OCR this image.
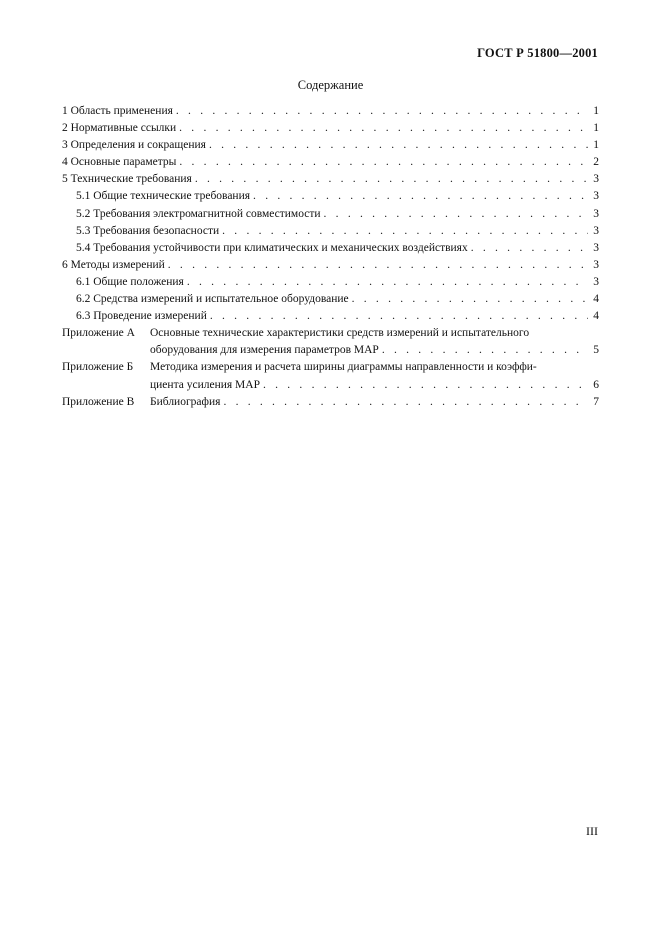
ГОСТ Р 51800—2001
Содержание
1 Область применения . . .	1
2 Нормативные ссылки . . .	1
3 Определения и сокращения . . .	1
4 Основные параметры . . .	2
5 Технические требования . . .	3
5.1 Общие технические требования . . .	3
5.2 Требования электромагнитной совместимости . . .	3
5.3 Требования безопасности . . .	3
5.4 Требования устойчивости при климатических и механических воздействиях . . .	3
6 Методы измерений . . .	3
6.1 Общие положения . . .	3
6.2 Средства измерений и испытательное оборудование . . .	4
6.3 Проведение измерений . . .	4
Приложение А	Основные технические характеристики средств измерений и испытательного
оборудования для измерения параметров МАР . . .	5
Приложение Б	Методика измерения и расчета ширины диаграммы направленности и коэффи-
циента усиления МАР . . .	6
Приложение В	Библиография . . .	7
III
